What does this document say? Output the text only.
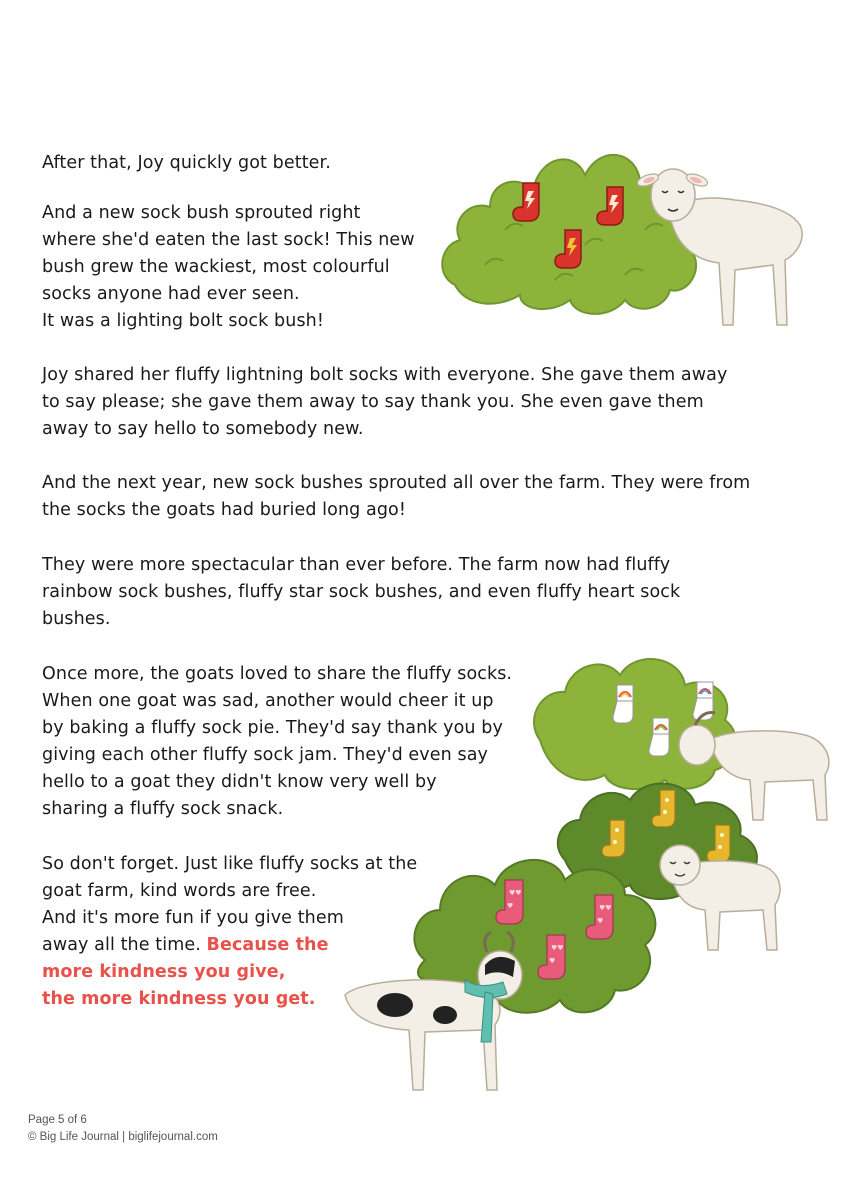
After that, Joy quickly got better.

And a new sock bush sprouted right
where she'd eaten the last sock! This new
bush grew the wackiest, most colourful
socks anyone had ever seen.
It was a lighting bolt sock bush!

Joy shared her fluffy lightning bolt socks with everyone. She gave them away
to say please; she gave them away to say thank you. She even gave them
away to say hello to somebody new.

And the next year, new sock bushes sprouted all over the farm. They were from
the socks the goats had buried long ago!

They were more spectacular than ever before. The farm now had fluffy
rainbow sock bushes, fluffy star sock bushes, and even fluffy heart sock
bushes.

Once more, the goats loved to share the fluffy socks.
When one goat was sad, another would cheer it up
by baking a fluffy sock pie. They'd say thank you by
giving each other fluffy sock jam. They'd even say
hello to a goat they didn't know very well by
sharing a fluffy sock snack.

So don't forget. Just like fluffy socks at the
goat farm, kind words are free.
And it's more fun if you give them
away all the time. Because the
more kindness you give,
the more kindness you get.

♥♥
♥	♥♥
♥
♥♥
♥
Page 5 of 6
© Big Life Journal | biglifejournal.com
